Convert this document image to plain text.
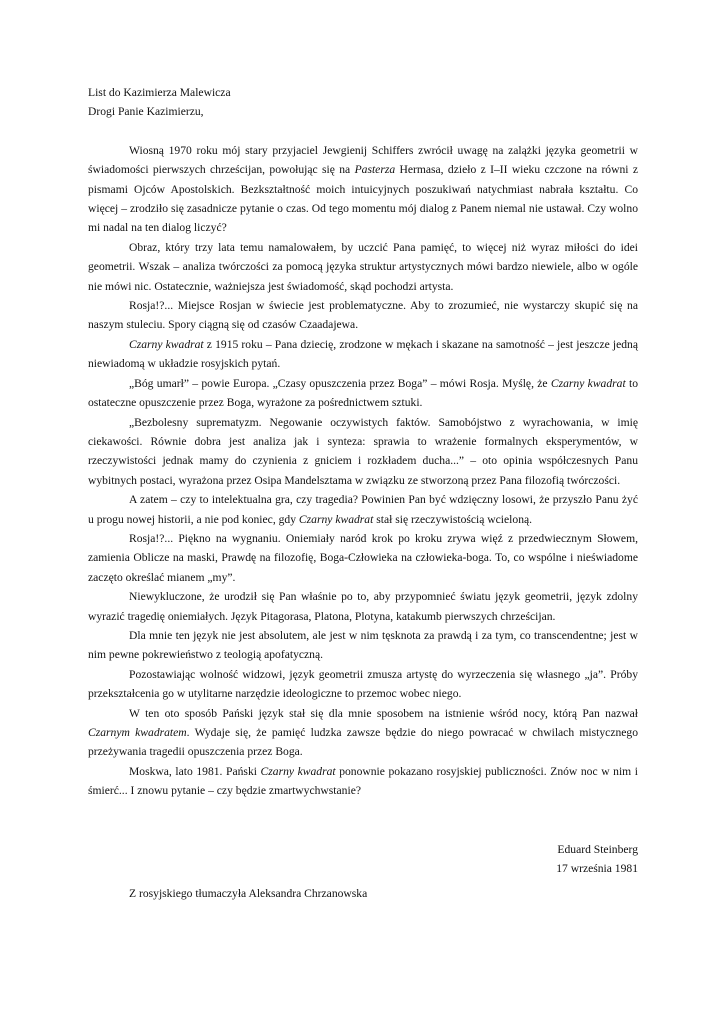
List do Kazimierza Malewicza

Drogi Panie Kazimierzu,

Wiosną 1970 roku mój stary przyjaciel Jewgienij Schiffers zwrócił uwagę na zalążki języka geometrii w świadomości pierwszych chrześcijan, powołując się na Pasterza Hermasa, dzieło z I–II wieku czczone na równi z pismami Ojców Apostolskich. Bezkształtność moich intuicyjnych poszukiwań natychmiast nabrała kształtu. Co więcej – zrodziło się zasadnicze pytanie o czas. Od tego momentu mój dialog z Panem niemal nie ustawał. Czy wolno mi nadal na ten dialog liczyć?

Obraz, który trzy lata temu namalowałem, by uczcić Pana pamięć, to więcej niż wyraz miłości do idei geometrii. Wszak – analiza twórczości za pomocą języka struktur artystycznych mówi bardzo niewiele, albo w ogóle nie mówi nic. Ostatecznie, ważniejsza jest świadomość, skąd pochodzi artysta.

Rosja!?... Miejsce Rosjan w świecie jest problematyczne. Aby to zrozumieć, nie wystarczy skupić się na naszym stuleciu. Spory ciągną się od czasów Czaadajewa.

Czarny kwadrat z 1915 roku – Pana dziecię, zrodzone w mękach i skazane na samotność – jest jeszcze jedną niewiadomą w układzie rosyjskich pytań.

„Bóg umarł” – powie Europa. „Czasy opuszczenia przez Boga” – mówi Rosja. Myślę, że Czarny kwadrat to ostateczne opuszczenie przez Boga, wyrażone za pośrednictwem sztuki.

„Bezbolesny suprematyzm. Negowanie oczywistych faktów. Samobójstwo z wyrachowania, w imię ciekawości. Równie dobra jest analiza jak i synteza: sprawia to wrażenie formalnych eksperymentów, w rzeczywistości jednak mamy do czynienia z gniciem i rozkładem ducha...” – oto opinia współczesnych Panu wybitnych postaci, wyrażona przez Osipa Mandelsztama w związku ze stworzoną przez Pana filozofią twórczości.

A zatem – czy to intelektualna gra, czy tragedia? Powinien Pan być wdzięczny losowi, że przyszło Panu żyć u progu nowej historii, a nie pod koniec, gdy Czarny kwadrat stał się rzeczywistością wcieloną.

Rosja!?... Piękno na wygnaniu. Oniemiały naród krok po kroku zrywa więź z przedwiecznym Słowem, zamienia Oblicze na maski, Prawdę na filozofię, Boga-Człowieka na człowieka-boga. To, co wspólne i nieświadome zaczęto określać mianem „my”.

Niewykluczone, że urodził się Pan właśnie po to, aby przypomnieć światu język geometrii, język zdolny wyrazić tragedię oniemiałych. Język Pitagorasa, Platona, Plotyna, katakumb pierwszych chrześcijan.

Dla mnie ten język nie jest absolutem, ale jest w nim tęsknota za prawdą i za tym, co transcendentne; jest w nim pewne pokrewieństwo z teologią apofatyczną.

Pozostawiając wolność widzowi, język geometrii zmusza artystę do wyrzeczenia się własnego „ja”. Próby przekształcenia go w utylitarne narzędzie ideologiczne to przemoc wobec niego.

W ten oto sposób Pański język stał się dla mnie sposobem na istnienie wśród nocy, którą Pan nazwał Czarnym kwadratem. Wydaje się, że pamięć ludzka zawsze będzie do niego powracać w chwilach mistycznego przeżywania tragedii opuszczenia przez Boga.

Moskwa, lato 1981. Pański Czarny kwadrat ponownie pokazano rosyjskiej publiczności. Znów noc w nim i śmierć... I znowu pytanie – czy będzie zmartwychwstanie?

Eduard Steinberg
17 września 1981

Z rosyjskiego tłumaczyła Aleksandra Chrzanowska
